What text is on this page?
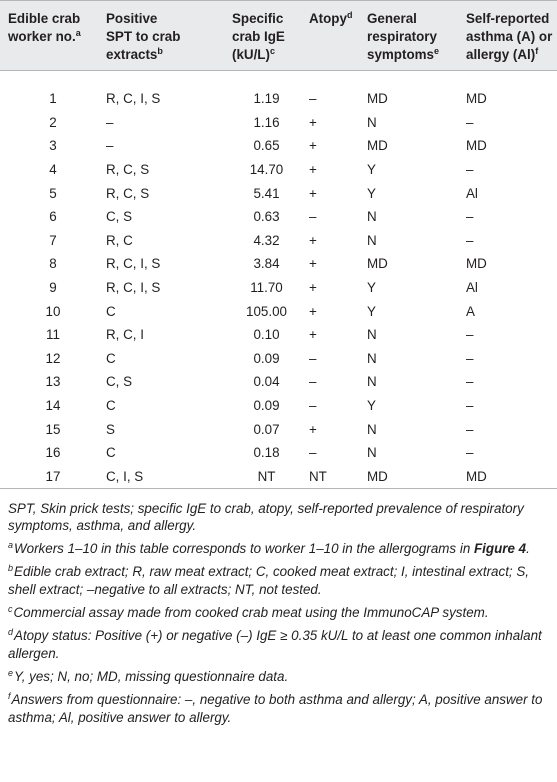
Edible crab
worker no.$^a$	Positive
SPT to crab
extracts$^b$	Specific
crab IgE
$(kU/L)^c$	Atopy$^d$	General
respiratory
symptoms$^e$	Self-reported
asthma (A) or
allergy $(Al)^f$

1	R, C, I, S	1.19	–	MD	MD
2	–	1.16	+	N	–
3	–	0.65	+	MD	MD
4	R, C, S	14.70	+	Y	–
5	R, C, S	5.41	+	Y	Al
6	C, S	0.63	–	N	–
7	R, C	4.32	+	N	–
8	R, C, I, S	3.84	+	MD	MD
9	R, C, I, S	11.70	+	Y	Al
10	C	105.00	+	Y	A
11	R, C, I	0.10	+	N	–
12	C	0.09	–	N	–
13	C, S	0.04	–	N	–
14	C	0.09	–	Y	–
15	S	0.07	+	N	–
16	C	0.18	–	N	–
17	C, I, S	NT	NT	MD	MD

SPT, Skin prick tests; specific IgE to crab, atopy, self-reported prevalence of respiratory symptoms, asthma, and allergy.

$^a$Workers 1–10 in this table corresponds to worker 1–10 in the allergograms in Figure 4.

$^b$Edible crab extract; R, raw meat extract; C, cooked meat extract; I, intestinal extract; S, shell extract; –negative to all extracts; NT, not tested.

$^c$Commercial assay made from cooked crab meat using the ImmunoCAP system.

$^d$Atopy status: Positive (+) or negative (–) IgE ≥ 0.35 kU/L to at least one common inhalant allergen.

$^e$Y, yes; N, no; MD, missing questionnaire data.

$^f$Answers from questionnaire: –, negative to both asthma and allergy; A, positive answer to asthma; Al, positive answer to allergy.
